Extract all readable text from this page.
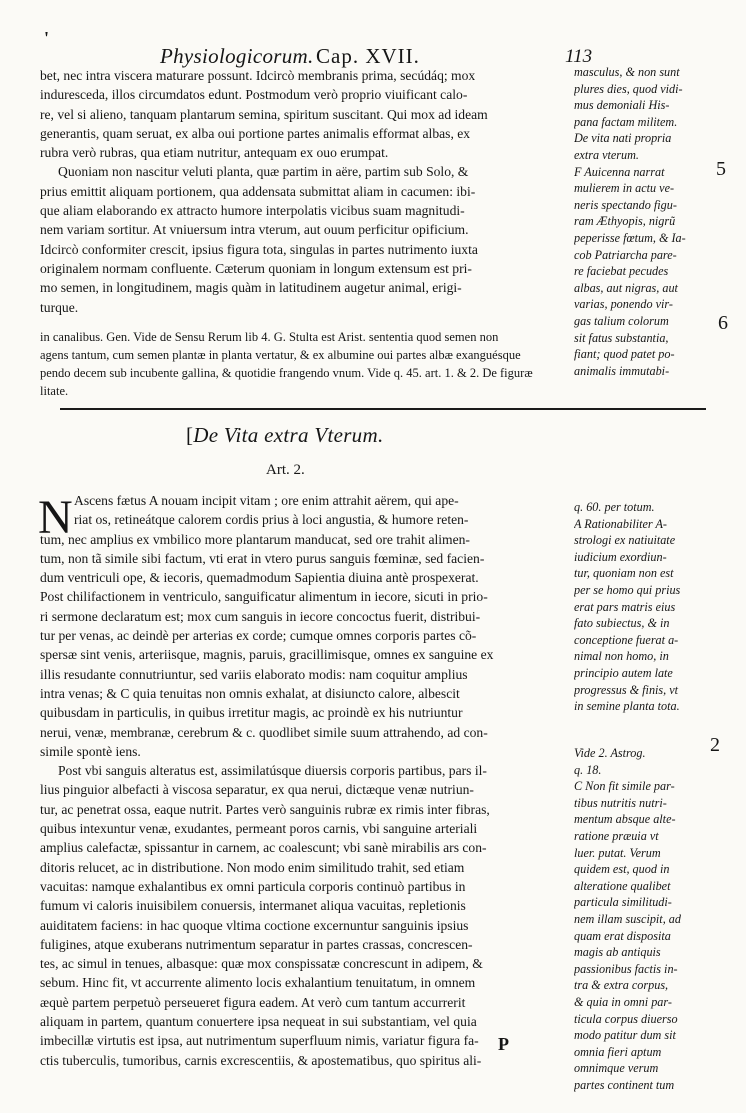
'
Physiologicorum. Cap. XVII.	113
bet, nec intra viscera maturare possunt. Idcircò membranis prima, secúdáq; mox
induresceda, illos circumdatos edunt. Postmodum verò proprio viuificant calo-
re, vel si alieno, tanquam plantarum semina, spiritum suscitant. Qui mox ad ideam
generantis, quam seruat, ex alba oui portione partes animalis efformat albas, ex
rubra verò rubras, qua etiam nutritur, antequam ex ouo erumpat.
Quoniam non nascitur veluti planta, quæ partim in aëre, partim sub Solo, &
prius emittit aliquam portionem, qua addensata submittat aliam in cacumen: ibi-
que aliam elaborando ex attracto humore interpolatis vicibus suam magnitudi-
nem variam sortitur. At vniuersum intra vterum, aut ouum perficitur opificium.
Idcircò conformiter crescit, ipsius figura tota, singulas in partes nutrimento iuxta
originalem normam confluente. Cæterum quoniam in longum extensum est pri-
mo semen, in longitudinem, magis quàm in latitudinem augetur animal, erigi-
turque.
masculus, & non sunt
plures dies, quod vidi-
mus demoniali His-
pana factam militem.
De vita nati propria
extra vterum.
F Auicenna narrat
mulierem in actu ve-
neris spectando figu-
ram Æthyopis, nigrũ
peperisse fœtum, & Ia-
cob Patriarcha pare-
re faciebat pecudes
albas, aut nigras, aut
varias, ponendo vir-
gas talium colorum
sit fatus substantia,
fiant; quod patet po-
animalis immutabi-
in canalibus. Gen. Vide de Sensu Rerum lib 4. G. Stulta est Arist. sententia quod semen non
agens tantum, cum semen plantæ in planta vertatur, & ex albumine oui partes albæ exanguésque
pendo decem sub incubente gallina, & quotidie frangendo vnum. Vide q. 45. art. 1. & 2. De figuræ
litate.
[De Vita extra Vterum.
Art. 2.
N Ascens fætus A nouam incipit vitam ; ore enim attrahit aërem, qui ape-
riat os, retineátque calorem cordis prius à loci angustia, & humore reten-
tum, nec amplius ex vmbilico more plantarum manducat, sed ore trahit alimen-
tum, non tã simile sibi factum, vti erat in vtero purus sanguis fœminæ, sed facien-
dum ventriculi ope, & iecoris, quemadmodum Sapientia diuina antè prospexerat.
Post chilifactionem in ventriculo, sanguificatur alimentum in iecore, sicuti in prio-
ri sermone declaratum est; mox cum sanguis in iecore concoctus fuerit, distribui-
tur per venas, ac deindè per arterias ex corde; cumque omnes corporis partes cõ-
spersæ sint venis, arteriisque, magnis, paruis, gracillimisque, omnes ex sanguine ex
illis resudante connutriuntur, sed variis elaborato modis: nam coquitur amplius
intra venas; & C quia tenuitas non omnis exhalat, at disiuncto calore, albescit
quibusdam in particulis, in quibus irretitur magis, ac proindè ex his nutriuntur
nerui, venæ, membranæ, cerebrum & c. quodlibet simile suum attrahendo, ad con-
simile spontè iens.
Post vbi sanguis alteratus est, assimilatúsque diuersis corporis partibus, pars il-
lius pinguior albefacti à viscosa separatur, ex qua nerui, dictæque venæ nutriun-
tur, ac penetrat ossa, eaque nutrit. Partes verò sanguinis rubræ ex rimis inter fibras,
quibus intexuntur venæ, exudantes, permeant poros carnis, vbi sanguine arteriali
amplius calefactæ, spissantur in carnem, ac coalescunt; vbi sanè mirabilis ars con-
ditoris relucet, ac in distributione. Non modo enim similitudo trahit, sed etiam
vacuitas: namque exhalantibus ex omni particula corporis continuò partibus in
fumum vi caloris inuisibilem conuersis, intermanet aliqua vacuitas, repletionis
auiditatem faciens: in hac quoque vltima coctione excernuntur sanguinis ipsius
fuligines, atque exuberans nutrimentum separatur in partes crassas, concrescen-
tes, ac simul in tenues, albasque: quæ mox conspissatæ concrescunt in adipem, &
sebum. Hinc fit, vt accurrente alimento locis exhalantium tenuitatum, in omnem
æquè partem perpetuò perseueret figura eadem. At verò cum tantum accurrerit
aliquam in partem, quantum conuertere ipsa nequeat in sui substantiam, vel quia
imbecillæ virtutis est ipsa, aut nutrimentum superfluum nimis, variatur figura fa-
ctis tuberculis, tumoribus, carnis excrescentiis, & apostematibus, quo spiritus ali-
q. 60. per totum.
A Rationabiliter A-
strologi ex natiuitate
iudicium exordiun-
tur, quoniam non est
per se homo qui prius
erat pars matris eius
fato subiectus, & in
conceptione fuerat a-
nimal non homo, in
principio autem late
progressus & finis, vt
in semine planta tota.
Vide 2. Astrog.
q. 18.
C Non fit simile par-
tibus nutritis nutri-
mentum absque alte-
ratione præuia vt
luer. putat. Verum
quidem est, quod in
alteratione qualibet
particula similitudi-
nem illam suscipit, ad
quam erat disposita
magis ab antiquis
passionibus factis in-
tra & extra corpus,
& quia in omni par-
ticula corpus diuerso
modo patitur dum sit
omnia fieri aptum
omnimque verum
partes continent tum
5
6
2
P
